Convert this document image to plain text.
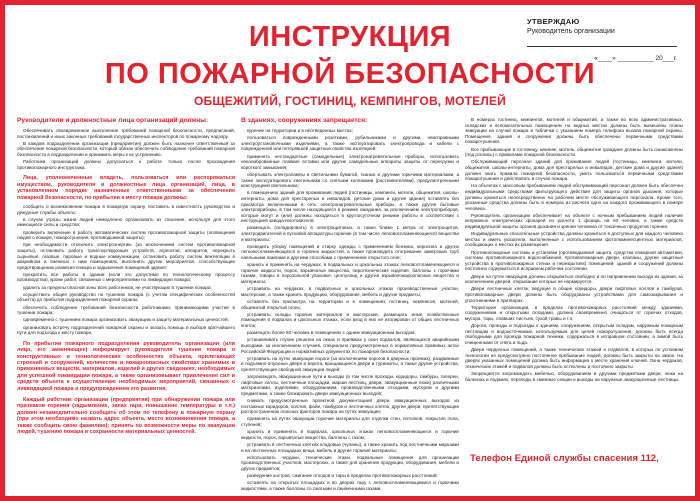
УТВЕРЖДАЮ
Руководитель организации
«____» __________ 20___г.
ИНСТРУКЦИЯ
ПО ПОЖАРНОЙ БЕЗОПАСНОСТИ
ОБЩЕЖИТИЙ, ГОСТИНИЦ, КЕМПИНГОВ, МОТЕЛЕЙ

Руководители и должностные лица организаций должны:

Обеспечивать своевременное выполнение требований пожарной безопасности, предписаний, постановлений и иных законных требований государственных инспекторов по пожарному надзору.

В каждом подразделении организации (предприятия) должен быть назначен ответственный за обеспечение пожарной безопасности, который обязан обеспечить соблюдение требований пожарной безопасности в подразделении и принимать меры к их устранению.

Работники организаций должны допускаться к работе только после прохождения противопожарного инструктажа.

Лица, уполномоченные владеть, пользоваться или распоряжаться имуществом, руководители и должностные лица организаций, лица, в установленном порядке назначенные ответственными за обеспечение пожарной безопасности, по прибытии к месту пожара должны:

сообщить о возникновении пожара в пожарную охрану, поставить в известность руководство и дежурные службы объекта;

в случае угрозы жизни людей немедленно организовать их спасение, используя для этого имеющиеся силы и средства;

проверить включение в работу автоматических систем противопожарной защиты (оповещения людей о пожаре, пожаротушения, противодымной защиты);

при необходимости отключить электроэнергию (за исключением систем противопожарной защиты), остановить работу транспортирующих устройств, агрегатов, аппаратов, перекрыть сырьевые, газовые, паровые и водные коммуникации, остановить работу систем вентиляции в аварийном и смежных с ним помещениях, выполнить другие мероприятия, способствующие предотвращению развития пожара и задымления помещений здания;

прекратить все работы в здании (если это допустимо по технологическому процессу производства), кроме работ, связанных с мероприятиями по ликвидации пожара;

удалить за пределы опасной зоны всех работников, не участвующих в тушении пожара;

осуществить общее руководство по тушению пожара (с учетом специфических особенностей объекта) до прибытия подразделения пожарной охраны;

обеспечить соблюдение требований безопасности работниками, принимающими участие в тушении пожара;

одновременно с тушением пожара организовать эвакуацию и защиту материальных ценностей;

организовать встречу подразделений пожарной охраны и оказать помощь в выборе кратчайшего пути для подъезда к месту пожара.

По прибытии пожарного подразделения руководитель организации (или лицо, его заменяющее) информирует руководителя тушения пожара о конструктивных и технологических особенностях объекта, прилегающих строений и сооружений, количестве и пожароопасных свойствах хранимых и применяемых веществ, материалов, изделий и других сведениях, необходимых для успешной ликвидации пожара, а также организовывает привлечение сил и средств объекта к осуществлению необходимых мероприятий, связанных с ликвидацией пожара и предупреждением его развития.

Каждый работник организации (предприятия) при обнаружении пожара или признаков горения (задымление, запах гари, повышение температуры и т.п.) должен незамедлительно сообщить об этом по телефону в пожарную охрану (при этом необходимо назвать адрес объекта, место возникновения пожара, а также сообщить свою фамилию); принять по возможности меры по эвакуации людей, тушению пожара и сохранности материальных ценностей.

В зданиях, сооружениях запрещается:

курение на территории и в неотведенных местах;

пользоваться поврежденными розетками, рубильниками и другими неисправными электроустановочными изделиями, а также эксплуатировать электропровода и кабели с поврежденной или потерявшей защитные свойства изоляцией;

применять нестандартные (самодельные) электронагревательные приборы, использовать некалиброванные плавкие вставки или другие самодельные аппараты защиты от перегрузки и короткого замыкания;

обертывать электролампы и светильники бумагой, тканью и другими горючими материалами, а также эксплуатировать светильники со снятыми колпаками (рассеивателями), предусмотренными конструкцией светильника;

в помещениях зданий для проживания людей (гостиницы, кемпинги, мотели, общежития, школы-интернаты, дома для престарелых и инвалидов, детские дома и другие здания) оставлять без присмотра включенными в сеть электронагревательные приборы, а также другие бытовые электроприборы, в том числе находящиеся в режиме ожидания, за исключением электроприборов, которые могут и (или) должны находиться в круглосуточном режиме работы в соответствии с инструкцией завода-изготовителя;

размещать (складировать) в электрощитовых, а также ближе 1 метра от электрощитов, электродвигателей и пусковой аппаратуры горючие (в том числе легковоспламеняющиеся) вещества и материалы;

проводить уборку помещений и стирку одежды с применением бензина, керосина и других легковоспламеняющихся и горючих жидкостей, а также производить отогревание замерзших труб паяльными лампами и другими способами с применением открытого огня;

хранить и применять на чердаках, в подвальных и цокольных этажах легковоспламеняющиеся и горючие жидкости, порох, взрывчатые вещества, пиротехнические изделия, баллоны с горючими газами, товары в аэрозольной упаковке, целлулоид и другие взрывопожароопасные вещества и материалы;

устраивать на чердаках, в подвальных и цокольных этажах производственные участки, мастерские, а также хранить продукцию, оборудование, мебель и другие предметы;

оставлять без присмотра на территории и в помещениях гостиниц, кемпингов, мотелей, общежитий открытый огонь;

устраивать склады горючих материалов и мастерские, размещать иные хозяйственные помещения в подвалах и цокольных этажах, если вход в них не изолирован от общих лестничных клеток;

размещать более 50 человек в помещениях с одним эвакуационным выходом;

устанавливать глухие решетки на окнах и приямках у окон подвалов, являющихся аварийными выходами, за исключением случаев, специально предусмотренных в нормативных правовых актах Российской Федерации и нормативных документах по пожарной безопасности;

устраивать на путях эвакуации пороги (за исключением порогов в дверных проемах), раздвижные и подъемно-опускные двери и ворота, вращающиеся двери и турникеты, а также другие устройства, препятствующие свободной эвакуации людей;

загромождать эвакуационные пути и выходы (в том числе проходы, коридоры, тамбуры, галереи, лифтовые холлы, лестничные площадки, марши лестниц, двери, эвакуационные люки) различными материалами, изделиями, оборудованием, производственными отходами, мусором и другими предметами, а также блокировать двери эвакуационных выходов;

снимать предусмотренные проектной документацией двери эвакуационных выходов из поэтажных коридоров, холлов, фойе, тамбуров и лестничных клеток, другие двери, препятствующие распространению опасных факторов пожара на путях эвакуации;

применять на путях эвакуации горючие материалы для отделки стен, потолков, покрытия пола, ступеней;

хранить и применять в подвалах, цокольных этажах легковоспламеняющиеся и горючие жидкости, порох, взрывчатые вещества, баллоны с газом;

устраивать в лестничных клетках кладовые (чуланы), а также хранить под лестничными маршами и на лестничных площадках вещи, мебель и другие горючие материалы;

использовать чердаки, технические этажи, подвальные помещения для организации производственных участков, мастерских, а также для хранения продукции, оборудования, мебели и других предметов;

разведение костров, сжигание отходов и тары в пределах противопожарных расстояний;

оставлять на открытых площадках и во дворах тару с легковоспламеняющимися и горючими жидкостями, а также баллоны со сжатыми и сжиженными газами.

В номерах гостиниц, кемпингов, мотелей и общежитий, а также во всех административных, складских и вспомогательных помещениях на видных местах должны быть вывешены планы эвакуации на случай пожара и таблички с указанием номера телефона вызова пожарной охраны. Помещения, здания и сооружения должны быть обеспечены первичными средствами пожаротушения.

Все прибывающие в гостиницу, кемпинг, мотель, общежитие граждане должны быть ознакомлены (под роспись) с правилами пожарной безопасности.

Обслуживающий персонал зданий для проживания людей (гостиницы, кемпинги, мотели, общежития, школы-интернаты, дома для престарелых и инвалидов, детские дома и другие здания) должен знать правила пожарной безопасности, уметь пользоваться первичными средствами пожаротушения и действовать в случае пожара.

На объектах с массовым пребыванием людей обслуживающий персонал должен быть обеспечен индивидуальными средствами фильтрующего действия для защиты органов дыхания, которые должны храниться непосредственно на рабочем месте обслуживающего персонала. Кроме того, указанные средства должны быть в номерах из расчета одно на каждого проживающего в номере человека.

Руководитель организации обеспечивает на объекте с ночным пребыванием людей наличие исправных электрических фонарей из расчета 1 фонарь на 50 человек, а также средств индивидуальной защиты органов дыхания и зрения человека от токсичных продуктов горения.

Индивидуальные спасательные устройства должны храниться в доступных для каждого человека местах и иметь указатели, выполненные с использованием фотолюминесцентных материалов, сообщающих о местах их размещения.

Противопожарные системы и установки (противодымная защита, средства пожарной автоматики, системы противопожарного водоснабжения, противопожарные двери, клапаны, другие защитные устройства в противопожарных стенах и перекрытиях) помещений, зданий и сооружений должны постоянно содержаться в исправном рабочем состоянии.

Двери на путях эвакуации должны открываться свободно и по направлению выхода из здания, за исключением дверей, открывание которых не нормируется.

Двери лестничных клеток, ведущие в общие коридоры, двери лифтовых холлов и тамбуров, противопожарные двери должны быть оборудованы устройствами для самозакрывания и уплотнениями в притворах.

Территория организации, в пределах противопожарных расстояний между зданиями, сооружениями и открытыми складами, должна своевременно очищаться от горючих отходов, мусора, тары, опавших листьев, сухой травы и т.п.

Дороги, проезды и подъезды к зданиям, сооружениям, открытым складам, наружным пожарным лестницам и водоисточникам, используемым для целей пожаротушения, должны быть всегда свободными для проезда пожарной техники, содержаться в исправном состоянии, а зимой быть очищенными от снега и льда.

Двери чердачных помещений, а также технических этажей и подвалов, в которых по условиям технологии не предусмотрено постоянное пребывание людей, должны быть закрыты на замок. На дверях указанных помещений должна быть информация о месте хранения ключей. Окна чердаков, технических этажей и подвалов должны быть остеклены и постоянно закрыты.

Запрещается загромождать мебелью, оборудованием и другими предметами двери, люки на балконах и лоджиях, переходы в смежные секции и выходы на наружные эвакуационные лестницы.

Телефон Единой службы спасения 112,
